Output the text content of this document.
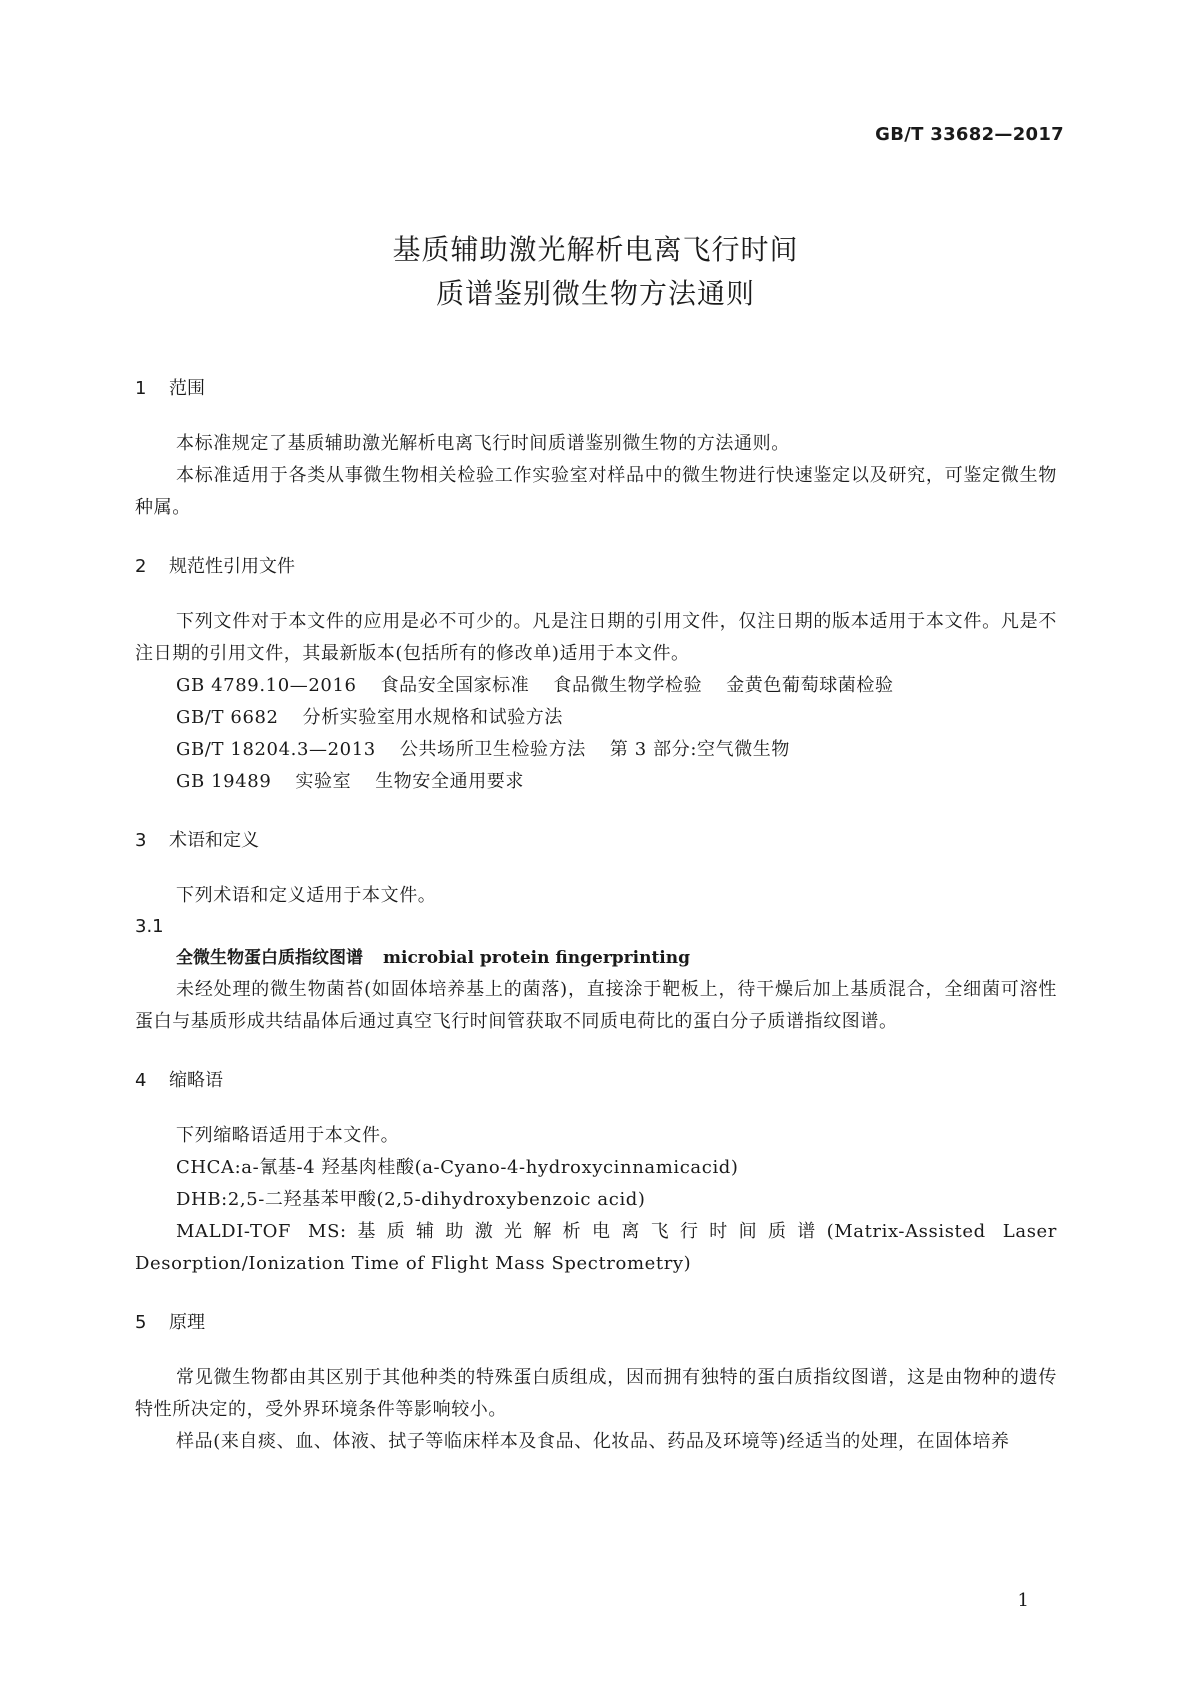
GB/T 33682—2017
基质辅助激光解析电离飞行时间
质谱鉴别微生物方法通则
1 范围
本标准规定了基质辅助激光解析电离飞行时间质谱鉴别微生物的方法通则。
本标准适用于各类从事微生物相关检验工作实验室对样品中的微生物进行快速鉴定以及研究，可鉴定微生物种属。
2 规范性引用文件
下列文件对于本文件的应用是必不可少的。凡是注日期的引用文件，仅注日期的版本适用于本文件。凡是不注日期的引用文件，其最新版本(包括所有的修改单)适用于本文件。
GB 4789.10—2016 食品安全国家标准 食品微生物学检验 金黄色葡萄球菌检验
GB/T 6682 分析实验室用水规格和试验方法
GB/T 18204.3—2013 公共场所卫生检验方法 第 3 部分:空气微生物
GB 19489 实验室 生物安全通用要求
3 术语和定义
下列术语和定义适用于本文件。
3.1
全微生物蛋白质指纹图谱 microbial protein fingerprinting
未经处理的微生物菌苔(如固体培养基上的菌落)，直接涂于靶板上，待干燥后加上基质混合，全细菌可溶性蛋白与基质形成共结晶体后通过真空飞行时间管获取不同质电荷比的蛋白分子质谱指纹图谱。
4 缩略语
下列缩略语适用于本文件。
CHCA:a-氰基-4 羟基肉桂酸(a-Cyano-4-hydroxycinnamicacid)
DHB:2,5-二羟基苯甲酸(2,5-dihydroxybenzoic acid)
MALDI-TOF MS:基质辅助激光解析电离飞行时间质谱(Matrix-Assisted Laser Desorption/Ionization Time of Flight Mass Spectrometry)
5 原理
常见微生物都由其区别于其他种类的特殊蛋白质组成，因而拥有独特的蛋白质指纹图谱，这是由物种的遗传特性所决定的，受外界环境条件等影响较小。
样品(来自痰、血、体液、拭子等临床样本及食品、化妆品、药品及环境等)经适当的处理，在固体培养
1
